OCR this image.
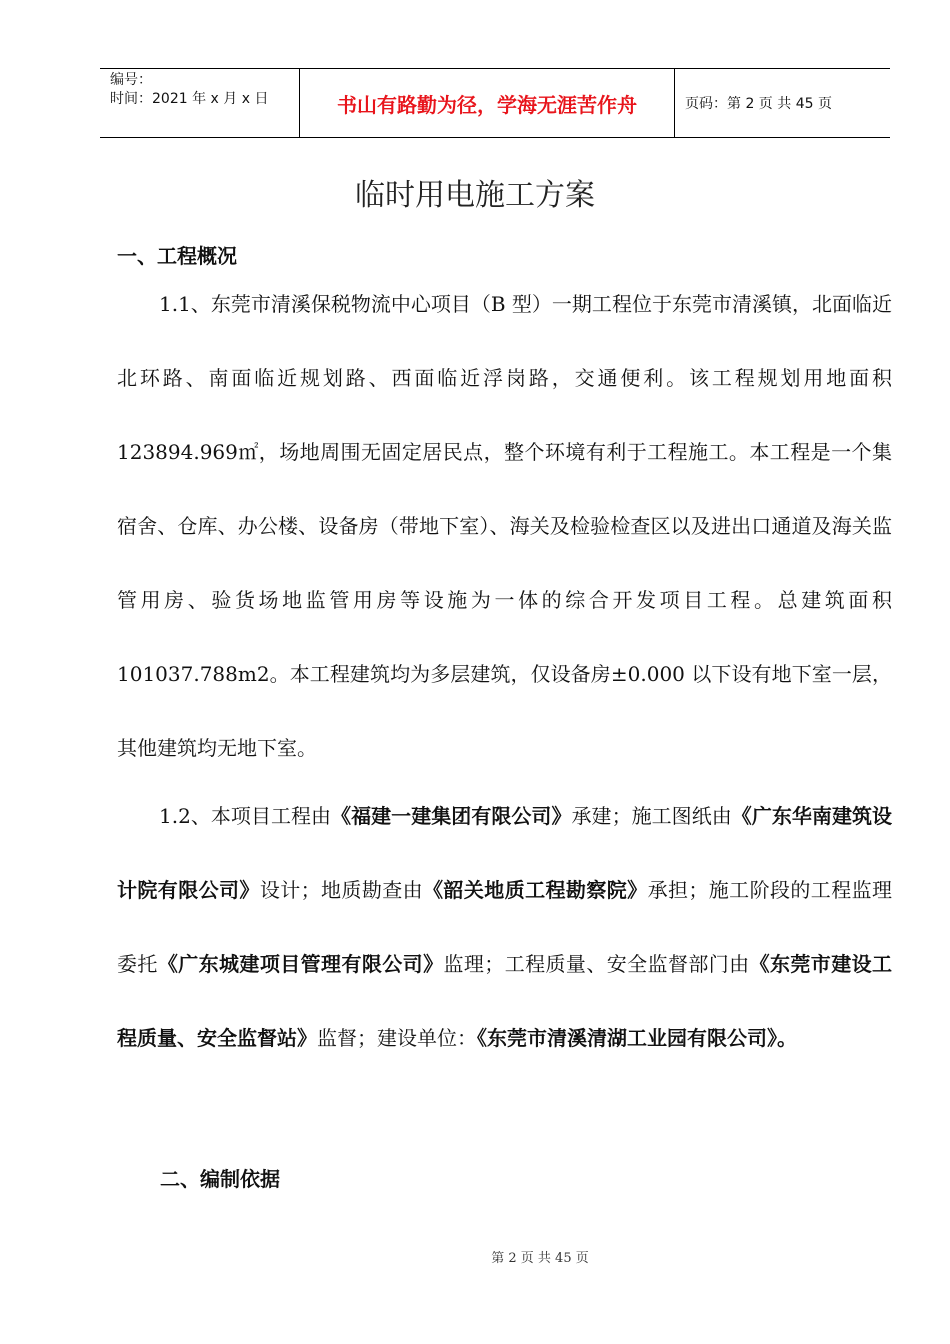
编号：
时间：2021 年 x 月 x 日	书山有路勤为径，学海无涯苦作舟	页码：第 2 页 共 45 页
临时用电施工方案
一、工程概况
1.1、东莞市清溪保税物流中心项目（B 型）一期工程位于东莞市清溪镇，北面临近北环路、南面临近规划路、西面临近浮岗路，交通便利。该工程规划用地面积 123894.969㎡，场地周围无固定居民点，整个环境有利于工程施工。本工程是一个集宿舍、仓库、办公楼、设备房（带地下室）、海关及检验检查区以及进出口通道及海关监管用房、验货场地监管用房等设施为一体的综合开发项目工程。总建筑面积 101037.788m2。本工程建筑均为多层建筑，仅设备房±0.000 以下设有地下室一层，其他建筑均无地下室。
1.2、本项目工程由《福建一建集团有限公司》承建；施工图纸由《广东华南建筑设计院有限公司》设计；地质勘查由《韶关地质工程勘察院》承担；施工阶段的工程监理委托《广东城建项目管理有限公司》监理；工程质量、安全监督部门由《东莞市建设工程质量、安全监督站》监督；建设单位：《东莞市清溪清湖工业园有限公司》。
二、编制依据
第 2 页 共 45 页
